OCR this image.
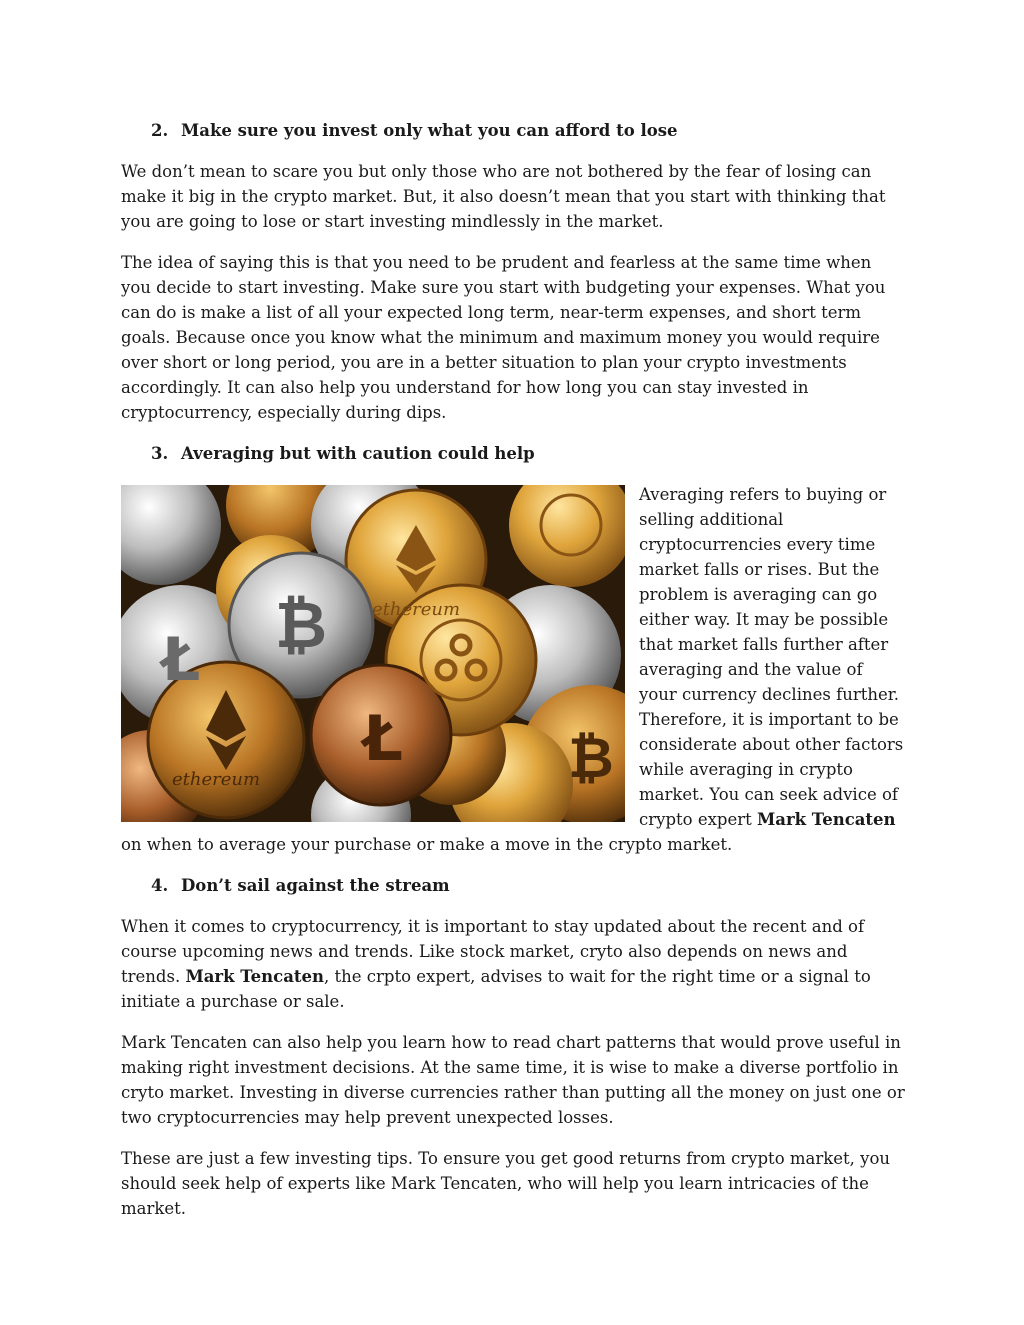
2. Make sure you invest only what you can afford to lose

We don’t mean to scare you but only those who are not bothered by the fear of losing can make it big in the crypto market. But, it also doesn’t mean that you start with thinking that you are going to lose or start investing mindlessly in the market.

The idea of saying this is that you need to be prudent and fearless at the same time when you decide to start investing. Make sure you start with budgeting your expenses. What you can do is make a list of all your expected long term, near-term expenses, and short term goals. Because once you know what the minimum and maximum money you would require over short or long period, you are in a better situation to plan your crypto investments accordingly. It can also help you understand for how long you can stay invested in cryptocurrency, especially during dips.

3. Averaging but with caution could help
₿ ethereum
ethereum
Ł	₿
Ł

Averaging refers to buying or selling additional cryptocurrencies every time market falls or rises. But the problem is averaging can go either way. It may be possible that market falls further after averaging and the value of your currency declines further. Therefore, it is important to be considerate about other factors while averaging in crypto market. You can seek advice of crypto expert Mark Tencaten on when to average your purchase or make a move in the crypto market.

4. Don’t sail against the stream

When it comes to cryptocurrency, it is important to stay updated about the recent and of course upcoming news and trends. Like stock market, cryto also depends on news and trends. Mark Tencaten, the crpto expert, advises to wait for the right time or a signal to initiate a purchase or sale.

Mark Tencaten can also help you learn how to read chart patterns that would prove useful in making right investment decisions. At the same time, it is wise to make a diverse portfolio in cryto market. Investing in diverse currencies rather than putting all the money on just one or two cryptocurrencies may help prevent unexpected losses.

These are just a few investing tips. To ensure you get good returns from crypto market, you should seek help of experts like Mark Tencaten, who will help you learn intricacies of the market.
